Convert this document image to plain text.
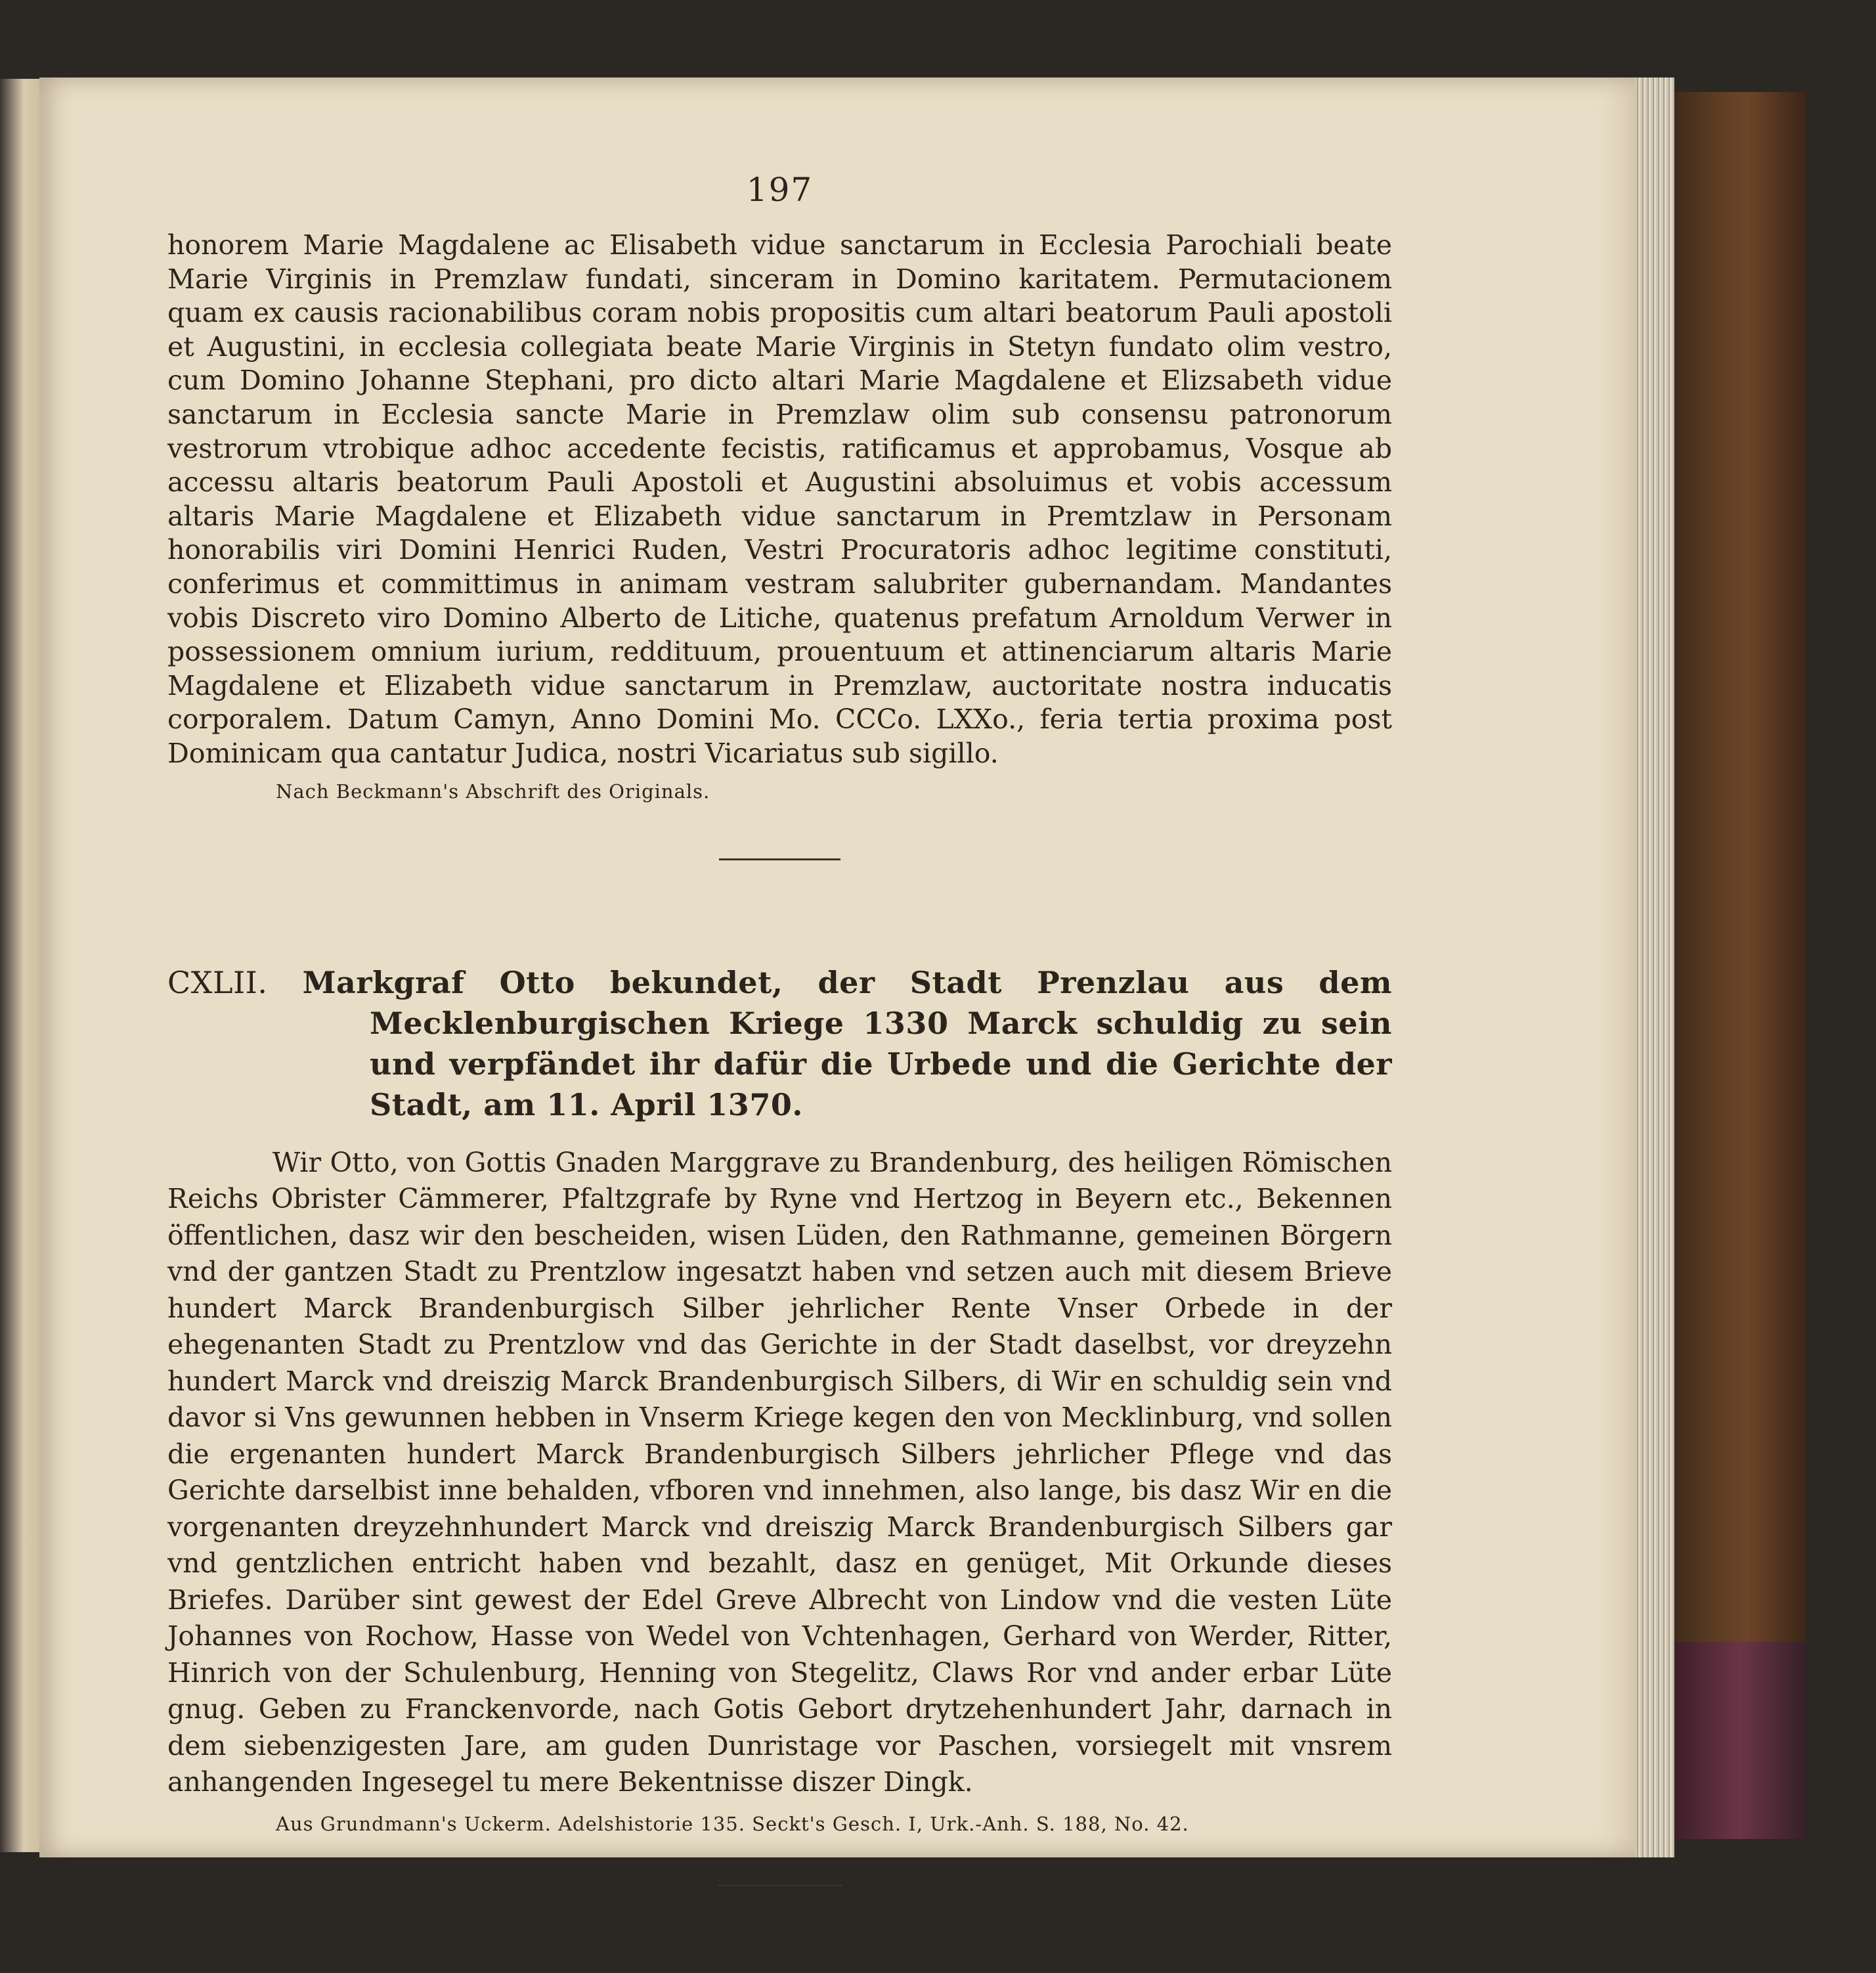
197

honorem Marie Magdalene ac Elisabeth vidue sanctarum in Ecclesia Parochiali beate Marie Virginis in Premzlaw fundati, sinceram in Domino karitatem. Permutacionem quam ex causis racionabilibus coram nobis propositis cum altari beatorum Pauli apostoli et Augustini, in ecclesia collegiata beate Marie Virginis in Stetyn fundato olim vestro, cum Domino Johanne Stephani, pro dicto altari Marie Magdalene et Elizsabeth vidue sanctarum in Ecclesia sancte Marie in Premzlaw olim sub consensu patronorum vestrorum vtrobique adhoc accedente fecistis, ratificamus et approbamus, Vosque ab accessu altaris beatorum Pauli Apostoli et Augustini absoluimus et vobis accessum altaris Marie Magdalene et Elizabeth vidue sanctarum in Premtzlaw in Personam honorabilis viri Domini Henrici Ruden, Vestri Procuratoris adhoc legitime constituti, conferimus et committimus in animam vestram salubriter gubernandam. Mandantes vobis Discreto viro Domino Alberto de Litiche, quatenus prefatum Arnoldum Verwer in possessionem omnium iurium, reddituum, prouentuum et attinenciarum altaris Marie Magdalene et Elizabeth vidue sanctarum in Premzlaw, auctoritate nostra inducatis corporalem. Datum Camyn, Anno Domini Mo. CCCo. LXXo., feria tertia proxima post Dominicam qua cantatur Judica, nostri Vicariatus sub sigillo.

Nach Beckmann's Abschrift des Originals.
CXLII. Markgraf Otto bekundet, der Stadt Prenzlau aus dem Mecklenburgischen Kriege 1330 Marck schuldig zu sein und verpfändet ihr dafür die Urbede und die Gerichte der Stadt, am 11. April 1370.

Wir Otto, von Gottis Gnaden Marggrave zu Brandenburg, des heiligen Römischen Reichs Obrister Cämmerer, Pfaltzgrafe by Ryne vnd Hertzog in Beyern etc., Bekennen öffentlichen, dasz wir den bescheiden, wisen Lüden, den Rathmanne, gemeinen Börgern vnd der gantzen Stadt zu Prentzlow ingesatzt haben vnd setzen auch mit diesem Brieve hundert Marck Brandenburgisch Silber jehrlicher Rente Vnser Orbede in der ehegenanten Stadt zu Prentzlow vnd das Gerichte in der Stadt daselbst, vor dreyzehn hundert Marck vnd dreiszig Marck Brandenburgisch Silbers, di Wir en schuldig sein vnd davor si Vns gewunnen hebben in Vnserm Kriege kegen den von Mecklinburg, vnd sollen die ergenanten hundert Marck Brandenburgisch Silbers jehrlicher Pflege vnd das Gerichte darselbist inne behalden, vfboren vnd innehmen, also lange, bis dasz Wir en die vorgenanten dreyzehnhundert Marck vnd dreiszig Marck Brandenburgisch Silbers gar vnd gentzlichen entricht haben vnd bezahlt, dasz en genüget, Mit Orkunde dieses Briefes. Darüber sint gewest der Edel Greve Albrecht von Lindow vnd die vesten Lüte Johannes von Rochow, Hasse von Wedel von Vchtenhagen, Gerhard von Werder, Ritter, Hinrich von der Schulenburg, Henning von Stegelitz, Claws Ror vnd ander erbar Lüte gnug. Geben zu Franckenvorde, nach Gotis Gebort drytzehenhundert Jahr, darnach in dem siebenzigesten Jare, am guden Dunristage vor Paschen, vorsiegelt mit vnsrem anhangenden Ingesegel tu mere Bekentnisse diszer Dingk.

Aus Grundmann's Uckerm. Adelshistorie 135. Seckt's Gesch. I, Urk.-Anh. S. 188, No. 42.
